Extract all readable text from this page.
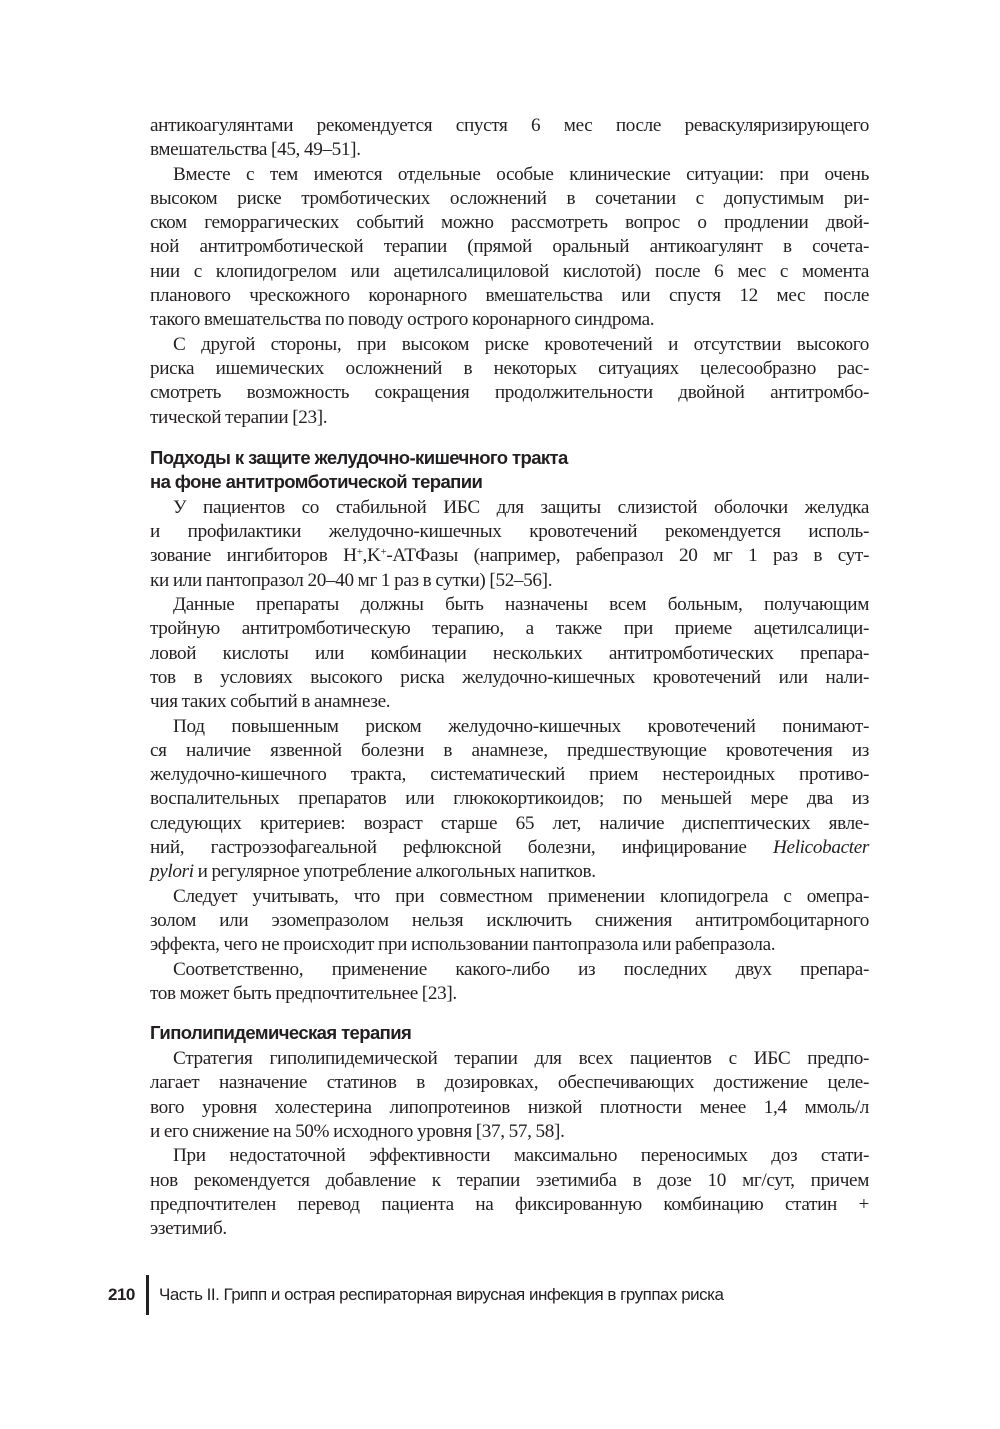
антикоагулянтами рекомендуется спустя 6 мес после реваскуляризирующего
вмешательства [45, 49–51].

Вместе с тем имеются отдельные особые клинические ситуации: при очень
высоком риске тромботических осложнений в сочетании с допустимым ри-
ском геморрагических событий можно рассмотреть вопрос о продлении двой-
ной антитромботической терапии (прямой оральный антикоагулянт в сочета-
нии с клопидогрелом или ацетилсалициловой кислотой) после 6 мес с момента
планового чрескожного коронарного вмешательства или спустя 12 мес после
такого вмешательства по поводу острого коронарного синдрома.

С другой стороны, при высоком риске кровотечений и отсутствии высокого
риска ишемических осложнений в некоторых ситуациях целесообразно рас-
смотреть возможность сокращения продолжительности двойной антитромбо-
тической терапии [23].

Подходы к защите желудочно-кишечного тракта

на фоне антитромботической терапии

У пациентов со стабильной ИБС для защиты слизистой оболочки желудка
и профилактики желудочно-кишечных кровотечений рекомендуется исполь-
зование ингибиторов H+,K+-АТФазы (например, рабепразол 20 мг 1 раз в сут-
ки или пантопразол 20–40 мг 1 раз в сутки) [52–56].

Данные препараты должны быть назначены всем больным, получающим
тройную антитромботическую терапию, а также при приеме ацетилсалици-
ловой кислоты или комбинации нескольких антитромботических препара-
тов в условиях высокого риска желудочно-кишечных кровотечений или нали-
чия таких событий в анамнезе.

Под повышенным риском желудочно-кишечных кровотечений понимают-
ся наличие язвенной болезни в анамнезе, предшествующие кровотечения из
желудочно-кишечного тракта, систематический прием нестероидных противо-
воспалительных препаратов или глюкокортикоидов; по меньшей мере два из
следующих критериев: возраст старше 65 лет, наличие диспептических явле-
ний, гастроэзофагеальной рефлюксной болезни, инфицирование Helicobacter
pylori и регулярное употребление алкогольных напитков.

Следует учитывать, что при совместном применении клопидогрела с омепра-
золом или эзомепразолом нельзя исключить снижения антитромбоцитарного
эффекта, чего не происходит при использовании пантопразола или рабепразола.

Соответственно, применение какого-либо из последних двух препара-
тов может быть предпочтительнее [23].

Гиполипидемическая терапия

Стратегия гиполипидемической терапии для всех пациентов с ИБС предпо-
лагает назначение статинов в дозировках, обеспечивающих достижение целе-
вого уровня холестерина липопротеинов низкой плотности менее 1,4 ммоль/л
и его снижение на 50% исходного уровня [37, 57, 58].

При недостаточной эффективности максимально переносимых доз стати-
нов рекомендуется добавление к терапии эзетимиба в дозе 10 мг/сут, причем
предпочтителен перевод пациента на фиксированную комбинацию статин +
эзетимиб.

210	Часть II. Грипп и острая респираторная вирусная инфекция в группах риска
